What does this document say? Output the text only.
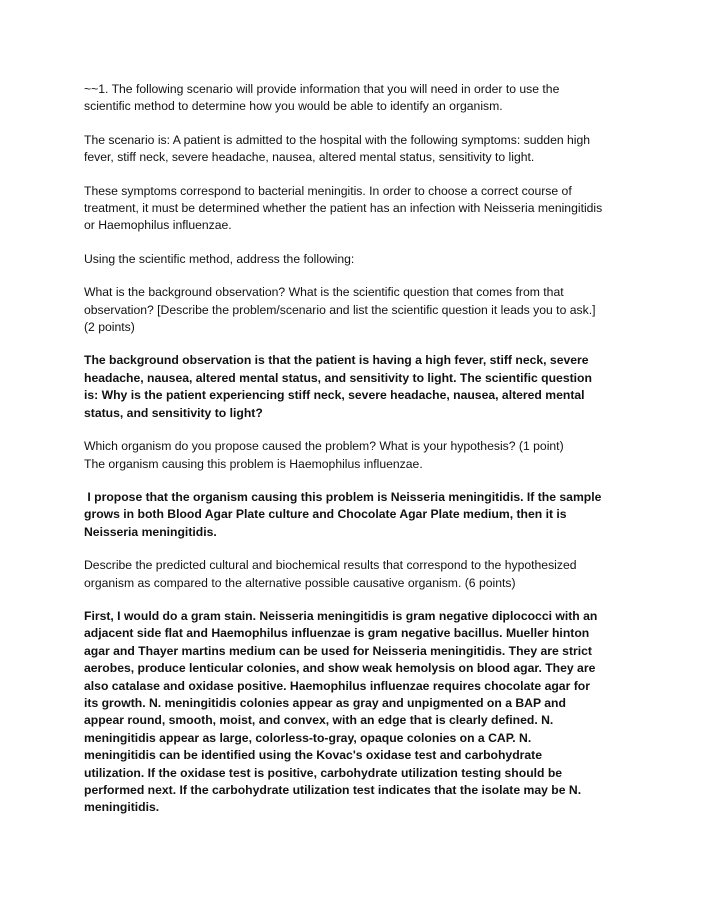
~~1. The following scenario will provide information that you will need in order to use the
scientific method to determine how you would be able to identify an organism.

The scenario is: A patient is admitted to the hospital with the following symptoms: sudden high
fever, stiff neck, severe headache, nausea, altered mental status, sensitivity to light.

These symptoms correspond to bacterial meningitis. In order to choose a correct course of
treatment, it must be determined whether the patient has an infection with Neisseria meningitidis
or Haemophilus influenzae.

Using the scientific method, address the following:

What is the background observation? What is the scientific question that comes from that
observation? [Describe the problem/scenario and list the scientific question it leads you to ask.]
(2 points)

The background observation is that the patient is having a high fever, stiff neck, severe
headache, nausea, altered mental status, and sensitivity to light. The scientific question
is: Why is the patient experiencing stiff neck, severe headache, nausea, altered mental
status, and sensitivity to light?

Which organism do you propose caused the problem? What is your hypothesis? (1 point)
The organism causing this problem is Haemophilus influenzae.

I propose that the organism causing this problem is Neisseria meningitidis. If the sample
grows in both Blood Agar Plate culture and Chocolate Agar Plate medium, then it is
Neisseria meningitidis.

Describe the predicted cultural and biochemical results that correspond to the hypothesized
organism as compared to the alternative possible causative organism. (6 points)

First, I would do a gram stain. Neisseria meningitidis is gram negative diplococci with an
adjacent side flat and Haemophilus influenzae is gram negative bacillus. Mueller hinton
agar and Thayer martins medium can be used for Neisseria meningitidis. They are strict
aerobes, produce lenticular colonies, and show weak hemolysis on blood agar. They are
also catalase and oxidase positive. Haemophilus influenzae requires chocolate agar for
its growth. N. meningitidis colonies appear as gray and unpigmented on a BAP and
appear round, smooth, moist, and convex, with an edge that is clearly defined. N.
meningitidis appear as large, colorless-to-gray, opaque colonies on a CAP. N.
meningitidis can be identified using the Kovac's oxidase test and carbohydrate
utilization. If the oxidase test is positive, carbohydrate utilization testing should be
performed next. If the carbohydrate utilization test indicates that the isolate may be N.
meningitidis.
